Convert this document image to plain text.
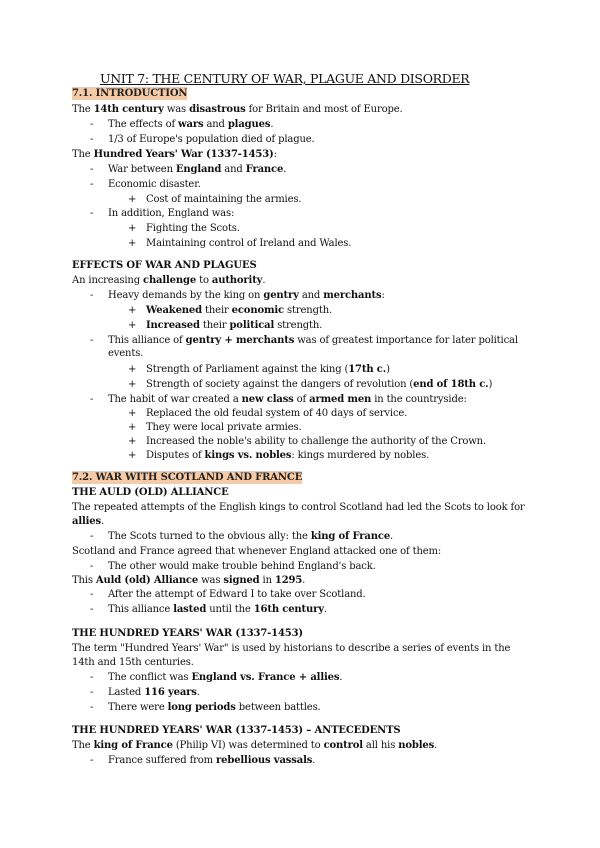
UNIT 7: THE CENTURY OF WAR, PLAGUE AND DISORDER
7.1. INTRODUCTION
The 14th century was disastrous for Britain and most of Europe.
- The effects of wars and plagues.
- 1/3 of Europe's population died of plague.
The Hundred Years' War (1337-1453):
- War between England and France.
- Economic disaster.
+ Cost of maintaining the armies.
- In addition, England was:
+ Fighting the Scots.
+ Maintaining control of Ireland and Wales.
EFFECTS OF WAR AND PLAGUES
An increasing challenge to authority.
- Heavy demands by the king on gentry and merchants:
+ Weakened their economic strength.
+ Increased their political strength.
- This alliance of gentry + merchants was of greatest importance for later political
events.
+ Strength of Parliament against the king (17th c.)
+ Strength of society against the dangers of revolution (end of 18th c.)
- The habit of war created a new class of armed men in the countryside:
+ Replaced the old feudal system of 40 days of service.
+ They were local private armies.
+ Increased the noble's ability to challenge the authority of the Crown.
+ Disputes of kings vs. nobles: kings murdered by nobles.
7.2. WAR WITH SCOTLAND AND FRANCE
THE AULD (OLD) ALLIANCE
The repeated attempts of the English kings to control Scotland had led the Scots to look for
allies.
- The Scots turned to the obvious ally: the king of France.
Scotland and France agreed that whenever England attacked one of them:
- The other would make trouble behind England's back.
This Auld (old) Alliance was signed in 1295.
- After the attempt of Edward I to take over Scotland.
- This alliance lasted until the 16th century.
THE HUNDRED YEARS' WAR (1337-1453)
The term "Hundred Years' War" is used by historians to describe a series of events in the
14th and 15th centuries.
- The conflict was England vs. France + allies.
- Lasted 116 years.
- There were long periods between battles.
THE HUNDRED YEARS' WAR (1337-1453) – ANTECEDENTS
The king of France (Philip VI) was determined to control all his nobles.
- France suffered from rebellious vassals.
